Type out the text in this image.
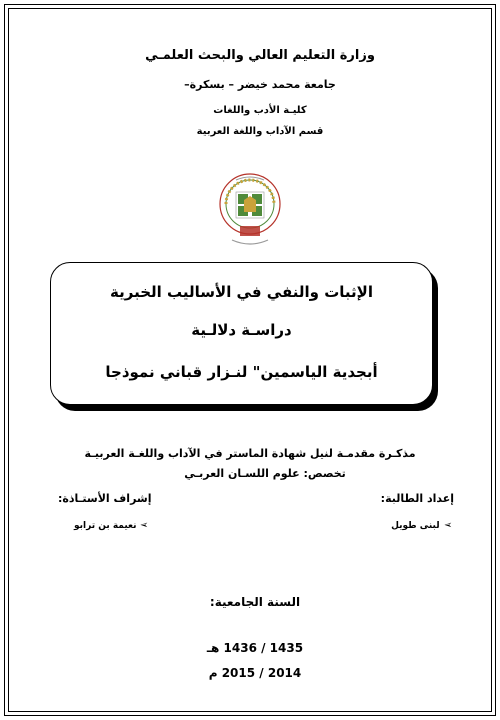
وزارة التعليم العالي والبحث العلمـي
جامعة محمد خيضر – بسكرة–
كليـة الأدب واللغات
قسم الآداب واللغة العربية
الإثبات والنفي في الأساليب الخبرية
دراسـة دلالـية
أبجدية الياسمين" لنـزار قباني نموذجا
مذكـرة مقدمـة لنيل شهادة الماستر في الآداب واللغـة العربيـة
تخصص: علوم اللسـان العربـي
إعداد الطالبة:
إشراف الأستـاذة:
➢
لبنى طويل
➢
نعيمة بن ترابو
السنة الجامعية:
1435 / 1436 هـ
2014 / 2015 م
